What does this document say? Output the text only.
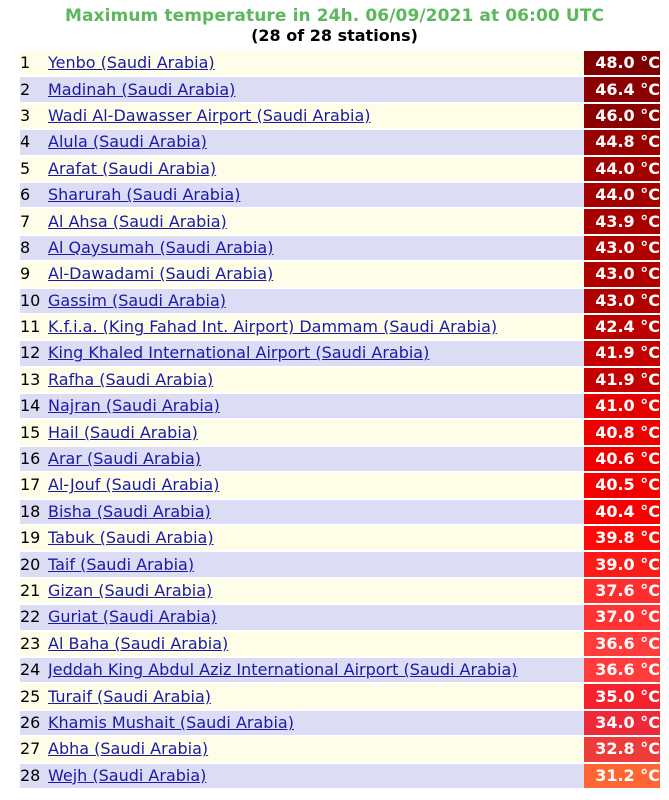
Maximum temperature in 24h. 06/09/2021 at 06:00 UTC
(28 of 28 stations)
1	Yenbo (Saudi Arabia)	48.0 °C
2	Madinah (Saudi Arabia)	46.4 °C
3	Wadi Al-Dawasser Airport (Saudi Arabia)	46.0 °C
4	Alula (Saudi Arabia)	44.8 °C
5	Arafat (Saudi Arabia)	44.0 °C
6	Sharurah (Saudi Arabia)	44.0 °C
7	Al Ahsa (Saudi Arabia)	43.9 °C
8	Al Qaysumah (Saudi Arabia)	43.0 °C
9	Al-Dawadami (Saudi Arabia)	43.0 °C
10	Gassim (Saudi Arabia)	43.0 °C
11	K.f.i.a. (King Fahad Int. Airport) Dammam (Saudi Arabia)	42.4 °C
12	King Khaled International Airport (Saudi Arabia)	41.9 °C
13	Rafha (Saudi Arabia)	41.9 °C
14	Najran (Saudi Arabia)	41.0 °C
15	Hail (Saudi Arabia)	40.8 °C
16	Arar (Saudi Arabia)	40.6 °C
17	Al-Jouf (Saudi Arabia)	40.5 °C
18	Bisha (Saudi Arabia)	40.4 °C
19	Tabuk (Saudi Arabia)	39.8 °C
20	Taif (Saudi Arabia)	39.0 °C
21	Gizan (Saudi Arabia)	37.6 °C
22	Guriat (Saudi Arabia)	37.0 °C
23	Al Baha (Saudi Arabia)	36.6 °C
24	Jeddah King Abdul Aziz International Airport (Saudi Arabia)	36.6 °C
25	Turaif (Saudi Arabia)	35.0 °C
26	Khamis Mushait (Saudi Arabia)	34.0 °C
27	Abha (Saudi Arabia)	32.8 °C
28	Wejh (Saudi Arabia)	31.2 °C
